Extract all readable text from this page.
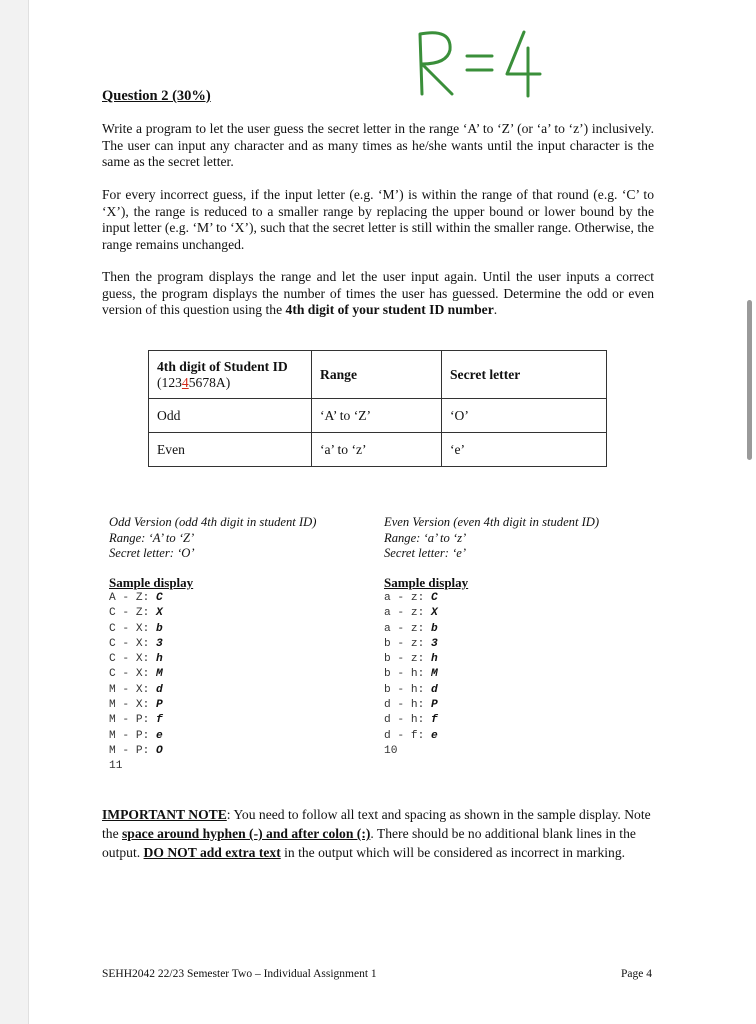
Question 2 (30%)
Write a program to let the user guess the secret letter in the range ‘A’ to ‘Z’ (or ‘a’ to ‘z’) inclusively. The user can input any character and as many times as he/she wants until the input character is the same as the secret letter.
For every incorrect guess, if the input letter (e.g. ‘M’) is within the range of that round (e.g. ‘C’ to ‘X’), the range is reduced to a smaller range by replacing the upper bound or lower bound by the input letter (e.g. ‘M’ to ‘X’), such that the secret letter is still within the smaller range. Otherwise, the range remains unchanged.
Then the program displays the range and let the user input again. Until the user inputs a correct guess, the program displays the number of times the user has guessed. Determine the odd or even version of this question using the 4th digit of your student ID number.
4th digit of Student ID
(12345678A)	Range	Secret letter
Odd	‘A’ to ‘Z’	‘O’
Even	‘a’ to ‘z’	‘e’
Odd Version (odd 4th digit in student ID)
Range: ‘A’ to ‘Z’
Secret letter: ‘O’
Even Version (even 4th digit in student ID)
Range: ‘a’ to ‘z’
Secret letter: ‘e’
Sample display	Sample display
A - Z: C
C - Z: X
C - X: b
C - X: 3
C - X: h
C - X: M
M - X: d
M - X: P
M - P: f
M - P: e
M - P: O
11
a - z: C
a - z: X
a - z: b
b - z: 3
b - z: h
b - h: M
b - h: d
d - h: P
d - h: f
d - f: e
10
IMPORTANT NOTE: You need to follow all text and spacing as shown in the sample display. Note the space around hyphen (-) and after colon (:). There should be no additional blank lines in the output. DO NOT add extra text in the output which will be considered as incorrect in marking.
SEHH2042 22/23 Semester Two – Individual Assignment 1	Page 4
